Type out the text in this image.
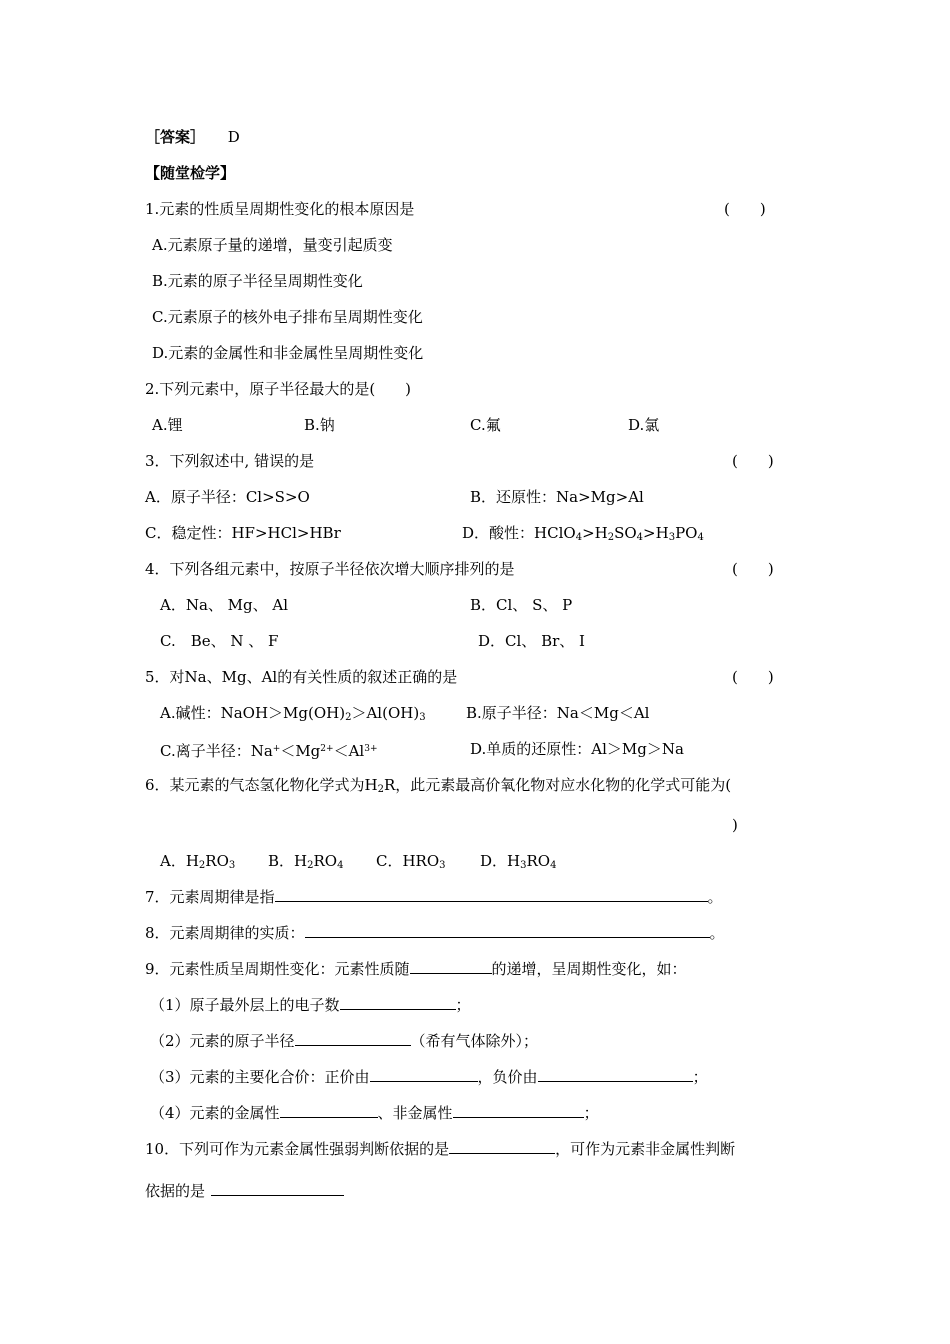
［答案］ D
【随堂检学】
1.元素的性质呈周期性变化的根本原因是	(　　)
A.元素原子量的递增，量变引起质变
B.元素的原子半径呈周期性变化
C.元素原子的核外电子排布呈周期性变化
D.元素的金属性和非金属性呈周期性变化
2.下列元素中，原子半径最大的是(　　)
A.锂	B.钠	C.氟	D.氯
3．下列叙述中, 错误的是	(　　)
A．原子半径：Cl>S>O	B．还原性：Na>Mg>Al
C．稳定性：HF>HCl>HBr	D．酸性：$HClO_4>H_2SO_4>H_3PO_4$
4．下列各组元素中，按原子半径依次增大顺序排列的是	(　　)
A．Na、 Mg、 Al	B．Cl、 S、 P
C.　Be、 N 、 F	D．Cl、 Br、 I
5．对Na、Mg、Al的有关性质的叙述正确的是	(　　)
A.碱性：$NaOH>Mg(OH)_2>Al(OH)_3$	B.原子半径：Na＜Mg＜Al
C.离子半径：$Na^+<Mg^{2+}<Al^{3+}$	D.单质的还原性：Al＞Mg＞Na
6．某元素的气态氢化物化学式为$H_2R$，此元素最高价氧化物对应水化物的化学式可能为(
)
A．$H_2RO_3$ B．$H_2RO_4$ C．$HRO_3$ D．$H_3RO_4$
7．元素周期律是指	。
8．元素周期律的实质：	。
9．元素性质呈周期性变化：元素性质随	的递增，呈周期性变化，如：
（1）原子最外层上的电子数	；
（2）元素的原子半径	（希有气体除外）；
（3）元素的主要化合价：正价由	，负价由	；
（4）元素的金属性	、非金属性	；
10．下列可作为元素金属性强弱判断依据的是	，可作为元素非金属性判断
依据的是
